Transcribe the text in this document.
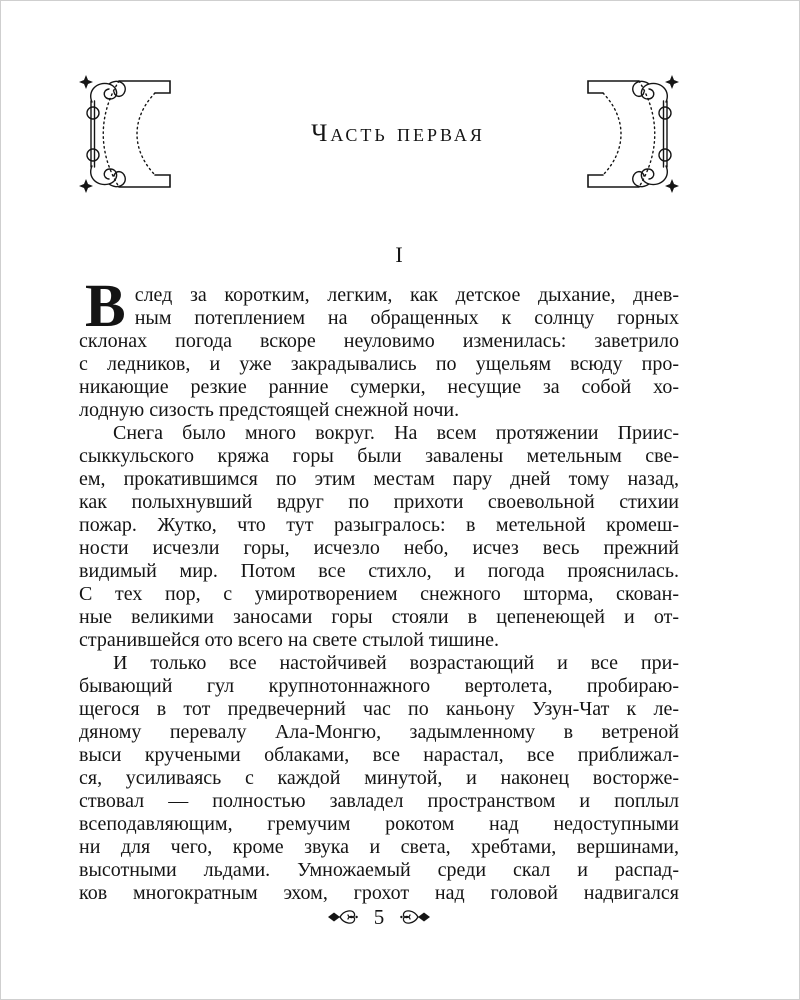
Часть первая
I
В след за коротким, легким, как детское дыхание, днев-
ным потеплением на обращенных к солнцу горных
склонах погода вскоре неуловимо изменилась: заветрило
с ледников, и уже закрадывались по ущельям всюду про-
никающие резкие ранние сумерки, несущие за собой хо-
лодную сизость предстоящей снежной ночи.
Снега было много вокруг. На всем протяжении Приис-
сыккульского кряжа горы были завалены метельным све-
ем, прокатившимся по этим местам пару дней тому назад,
как полыхнувший вдруг по прихоти своевольной стихии
пожар. Жутко, что тут разыгралось: в метельной кромеш-
ности исчезли горы, исчезло небо, исчез весь прежний
видимый мир. Потом все стихло, и погода прояснилась.
С тех пор, с умиротворением снежного шторма, скован-
ные великими заносами горы стояли в цепенеющей и от-
странившейся ото всего на свете стылой тишине.
И только все настойчивей возрастающий и все при-
бывающий гул крупнотоннажного вертолета, пробираю-
щегося в тот предвечерний час по каньону Узун-Чат к ле-
дяному перевалу Ала-Монгю, задымленному в ветреной
выси кручеными облаками, все нарастал, все приближал-
ся, усиливаясь с каждой минутой, и наконец восторже-
ствовал — полностью завладел пространством и поплыл
всеподавляющим, гремучим рокотом над недоступными
ни для чего, кроме звука и света, хребтами, вершинами,
высотными льдами. Умножаемый среди скал и распад-
ков многократным эхом, грохот над головой надвигался
5
